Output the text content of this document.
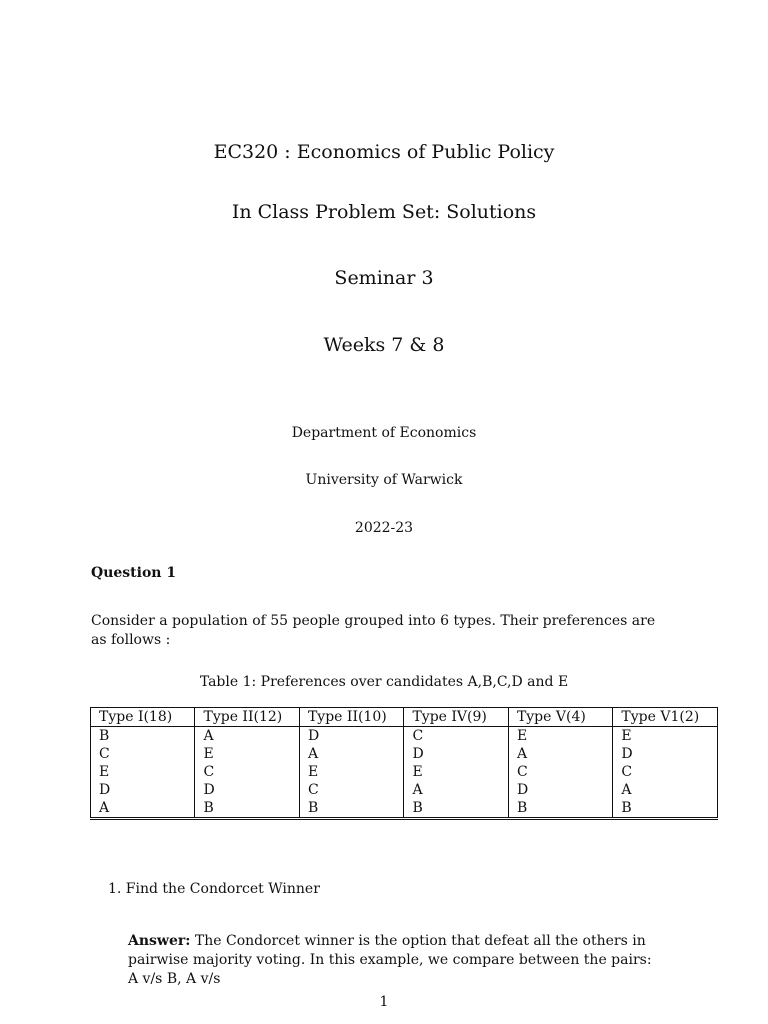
EC320 : Economics of Public Policy
In Class Problem Set: Solutions
Seminar 3
Weeks 7 & 8
Department of Economics
University of Warwick
2022-23
Question 1
Consider a population of 55 people grouped into 6 types. Their preferences are as follows :
Table 1: Preferences over candidates A,B,C,D and E
Type I(18)	Type II(12)	Type II(10)	Type IV(9)	Type V(4)	Type V1(2)
B	A	D	C	E	E
C	E	A	D	A	D
E	C	E	E	C	C
D	D	C	A	D	A
A	B	B	B	B	B
1. Find the Condorcet Winner
Answer: The Condorcet winner is the option that defeat all the others in pairwise majority voting. In this example, we compare between the pairs: A v/s B, A v/s
1
